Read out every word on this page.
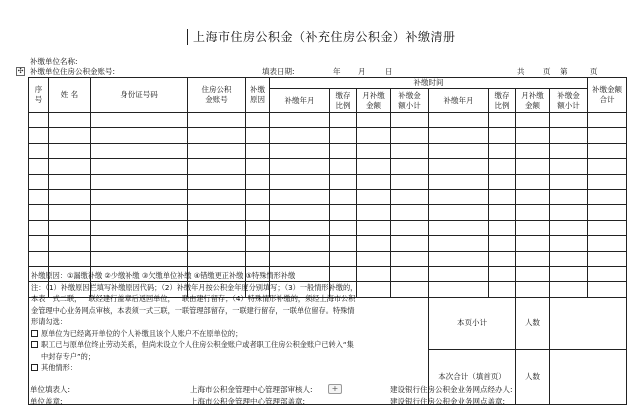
上海市住房公积金（补充住房公积金）补缴清册
补缴单位名称:
✣ 补缴单位住房公积金账号:	填表日期:	年 月	日	共 页 第	页
序号	姓 名	身份证号码	住房公积金账号	补缴原因	补缴时间								补缴金额合计
					补缴年月	缴存比例	月补缴金额	补缴金额小计	补缴年月	缴存比例	月补缴金额	补缴金额小计	

									本页小计		人数		
									本次合计（填首页）		人数		
补缴原因：①漏缴补缴 ②少缴补缴 ③欠缴单位补缴 ④错缴更正补缴 ⑤特殊情形补缴
注：（1）补缴原因栏填写补缴原因代码；（2）补缴年月按公积金年度分别填写；（3）一般情形补缴的，
本表一式二联，一联经建行盖章后返回单位，一联由建行留存；（4）特殊情形补缴的，须经上海市公积
金管理中心业务网点审核，本表须一式三联，一联管理部留存，一联建行留存，一联单位留存。特殊情
形请勾选：
原单位为已经离开单位的个人补缴且该个人账户不在原单位的；
职工已与原单位终止劳动关系，但尚未设立个人住房公积金账户或者职工住房公积金账户已转入“集
中封存专户”的；
其他情形：
单位填表人:	上海市公积金管理中心管理部审核人:	+	建设银行住房公积金业务网点经办人:
单位盖章:	上海市公积金管理中心管理部盖章:	建设银行住房公积金业务网点盖章:
